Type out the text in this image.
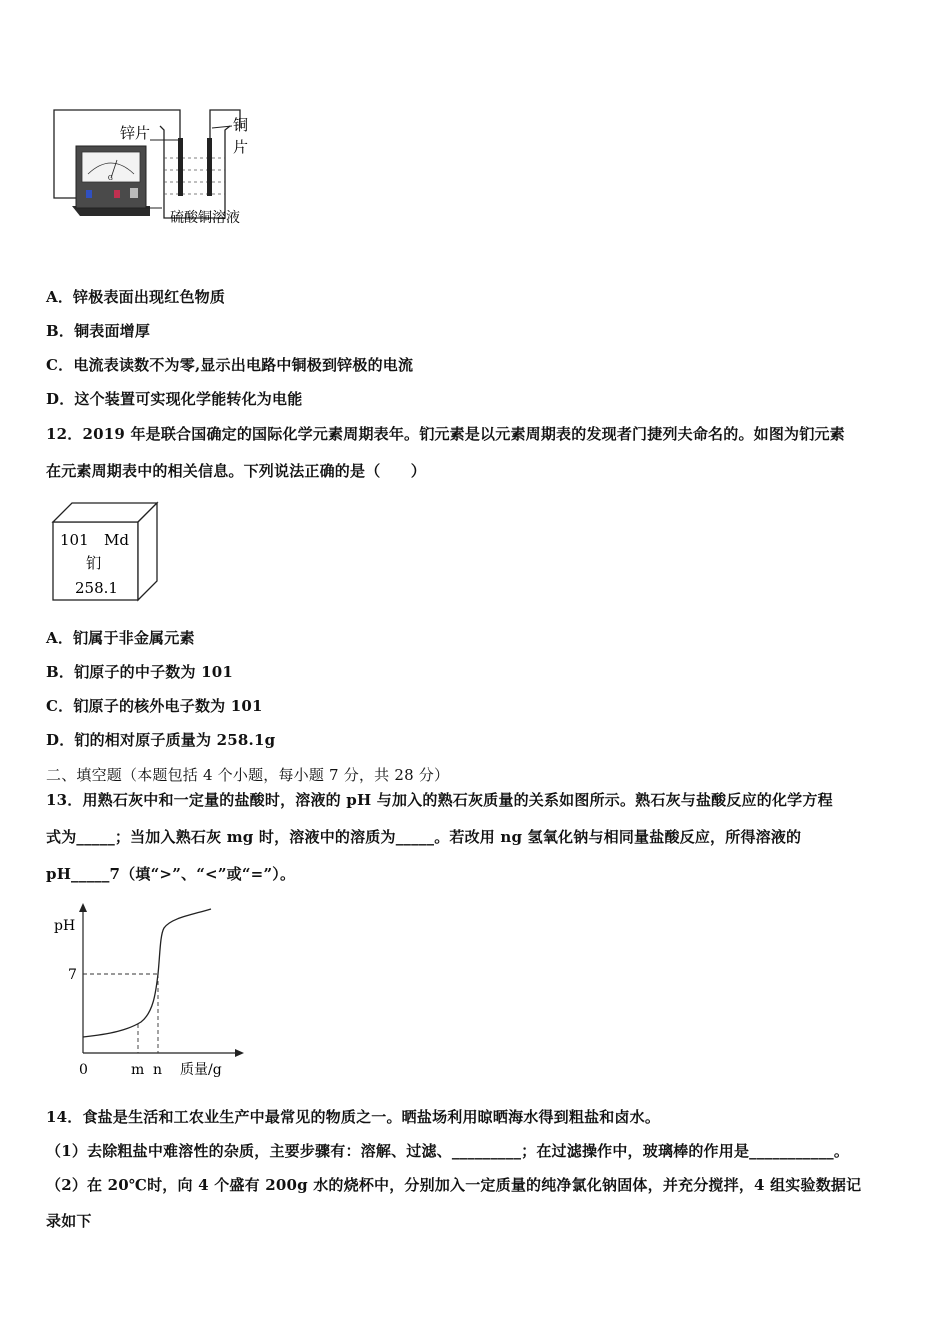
G
锌片	铜
片
硫酸铜溶液
A．锌极表面出现红色物质
B．铜表面增厚
C．电流表读数不为零,显示出电路中铜极到锌极的电流
D．这个装置可实现化学能转化为电能
12．2019 年是联合国确定的国际化学元素周期表年。钔元素是以元素周期表的发现者门捷列夫命名的。如图为钔元素
在元素周期表中的相关信息。下列说法正确的是（　　）
101 Md
钔
258.1
A．钔属于非金属元素
B．钔原子的中子数为 101
C．钔原子的核外电子数为 101
D．钔的相对原子质量为 258.1g
二、填空题（本题包括 4 个小题，每小题 7 分，共 28 分）
13．用熟石灰中和一定量的盐酸时，溶液的 pH 与加入的熟石灰质量的关系如图所示。熟石灰与盐酸反应的化学方程
式为_____；当加入熟石灰 mg 时，溶液中的溶质为_____。若改用 ng 氢氧化钠与相同量盐酸反应，所得溶液的
pH_____7（填“>”、“<”或“=”）。
pH
7
0	m n 质量/g
14．食盐是生活和工农业生产中最常见的物质之一。晒盐场利用晾晒海水得到粗盐和卤水。
（1）去除粗盐中难溶性的杂质，主要步骤有：溶解、过滤、_________；在过滤操作中，玻璃棒的作用是___________。
（2）在 20℃时，向 4 个盛有 200g 水的烧杯中，分别加入一定质量的纯净氯化钠固体，并充分搅拌，4 组实验数据记
录如下
